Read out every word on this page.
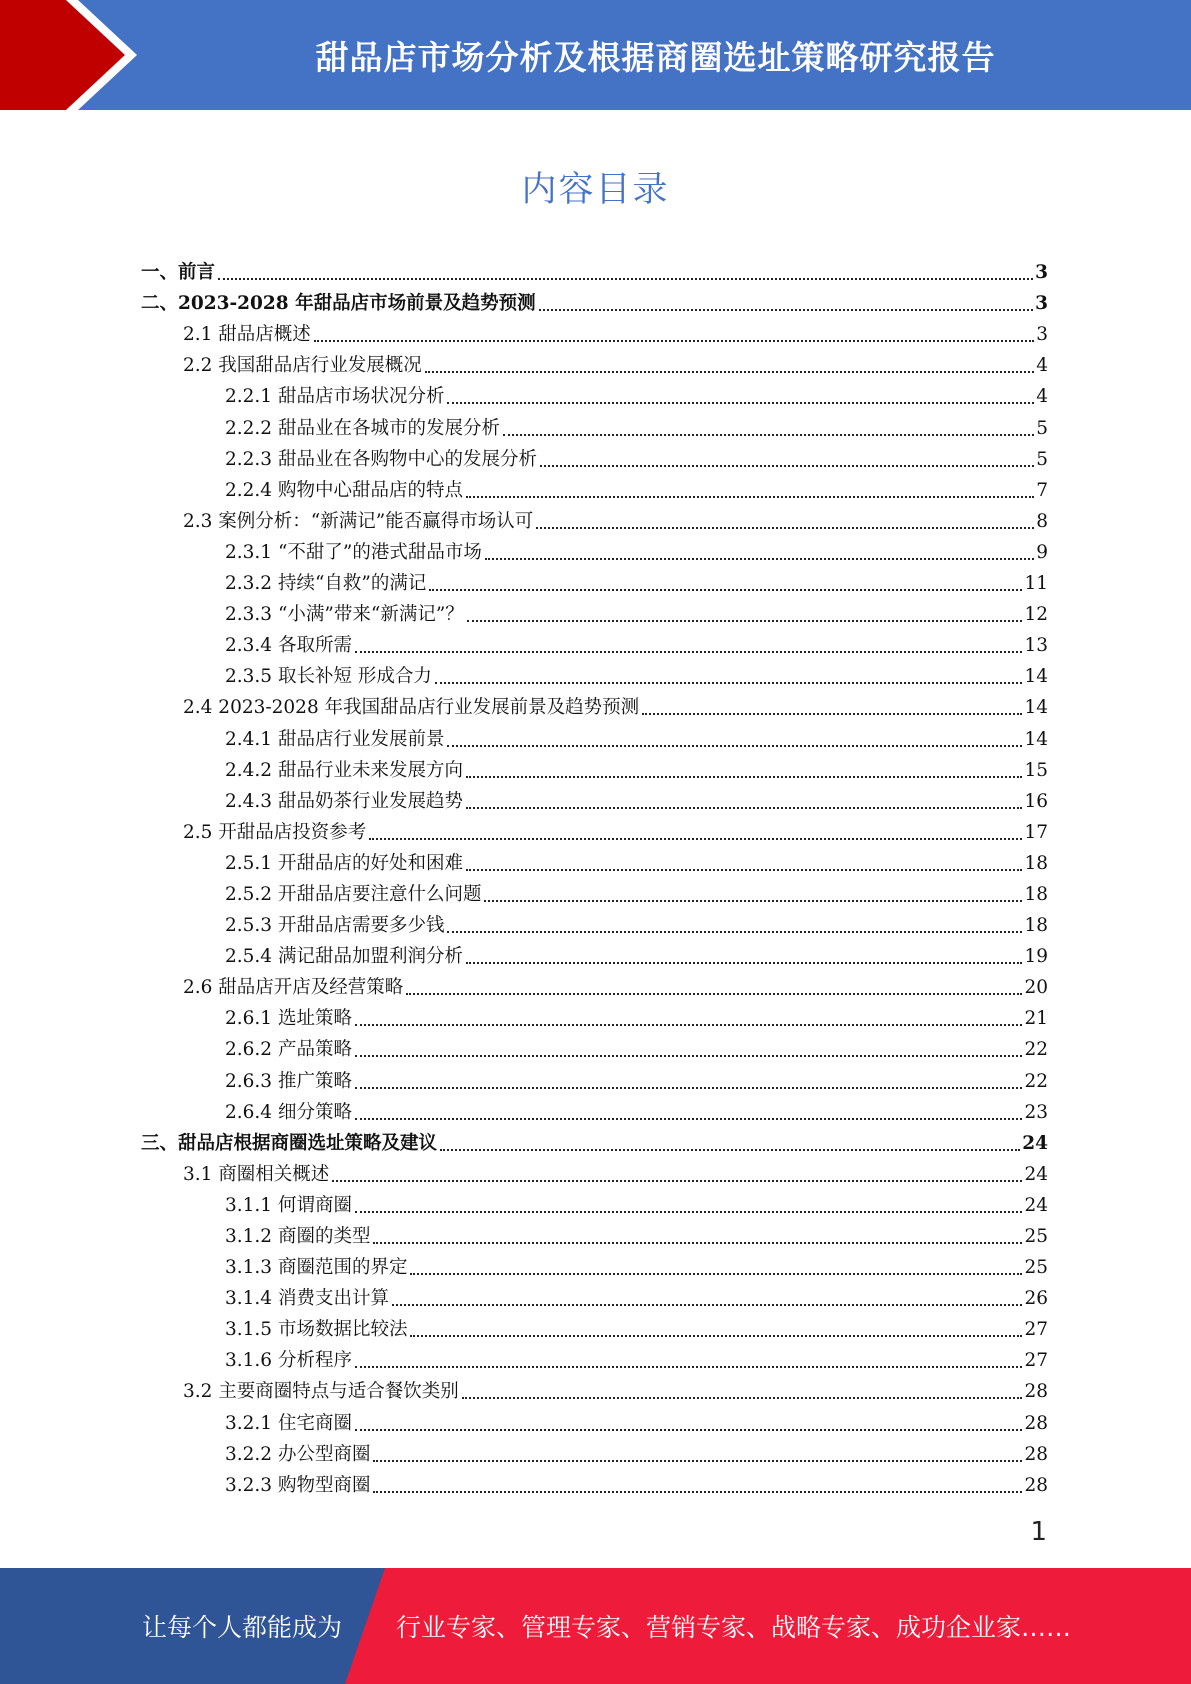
甜品店市场分析及根据商圈选址策略研究报告
内容目录
一、前言	3
二、2023-2028 年甜品店市场前景及趋势预测	3
2.1 甜品店概述	3
2.2 我国甜品店行业发展概况	4
2.2.1 甜品店市场状况分析	4
2.2.2 甜品业在各城市的发展分析	5
2.2.3 甜品业在各购物中心的发展分析	5
2.2.4 购物中心甜品店的特点	7
2.3 案例分析：“新满记”能否赢得市场认可	8
2.3.1 “不甜了”的港式甜品市场	9
2.3.2 持续“自救”的满记	11
2.3.3 “小满”带来“新满记”？	12
2.3.4 各取所需	13
2.3.5 取长补短 形成合力	14
2.4 2023-2028 年我国甜品店行业发展前景及趋势预测	14
2.4.1 甜品店行业发展前景	14
2.4.2 甜品行业未来发展方向	15
2.4.3 甜品奶茶行业发展趋势	16
2.5 开甜品店投资参考	17
2.5.1 开甜品店的好处和困难	18
2.5.2 开甜品店要注意什么问题	18
2.5.3 开甜品店需要多少钱	18
2.5.4 满记甜品加盟利润分析	19
2.6 甜品店开店及经营策略	20
2.6.1 选址策略	21
2.6.2 产品策略	22
2.6.3 推广策略	22
2.6.4 细分策略	23
三、甜品店根据商圈选址策略及建议	24
3.1 商圈相关概述	24
3.1.1 何谓商圈	24
3.1.2 商圈的类型	25
3.1.3 商圈范围的界定	25
3.1.4 消费支出计算	26
3.1.5 市场数据比较法	27
3.1.6 分析程序	27
3.2 主要商圈特点与适合餐饮类别	28
3.2.1 住宅商圈	28
3.2.2 办公型商圈	28
3.2.3 购物型商圈	28
1
让每个人都能成为 行业专家、管理专家、营销专家、战略专家、成功企业家……
